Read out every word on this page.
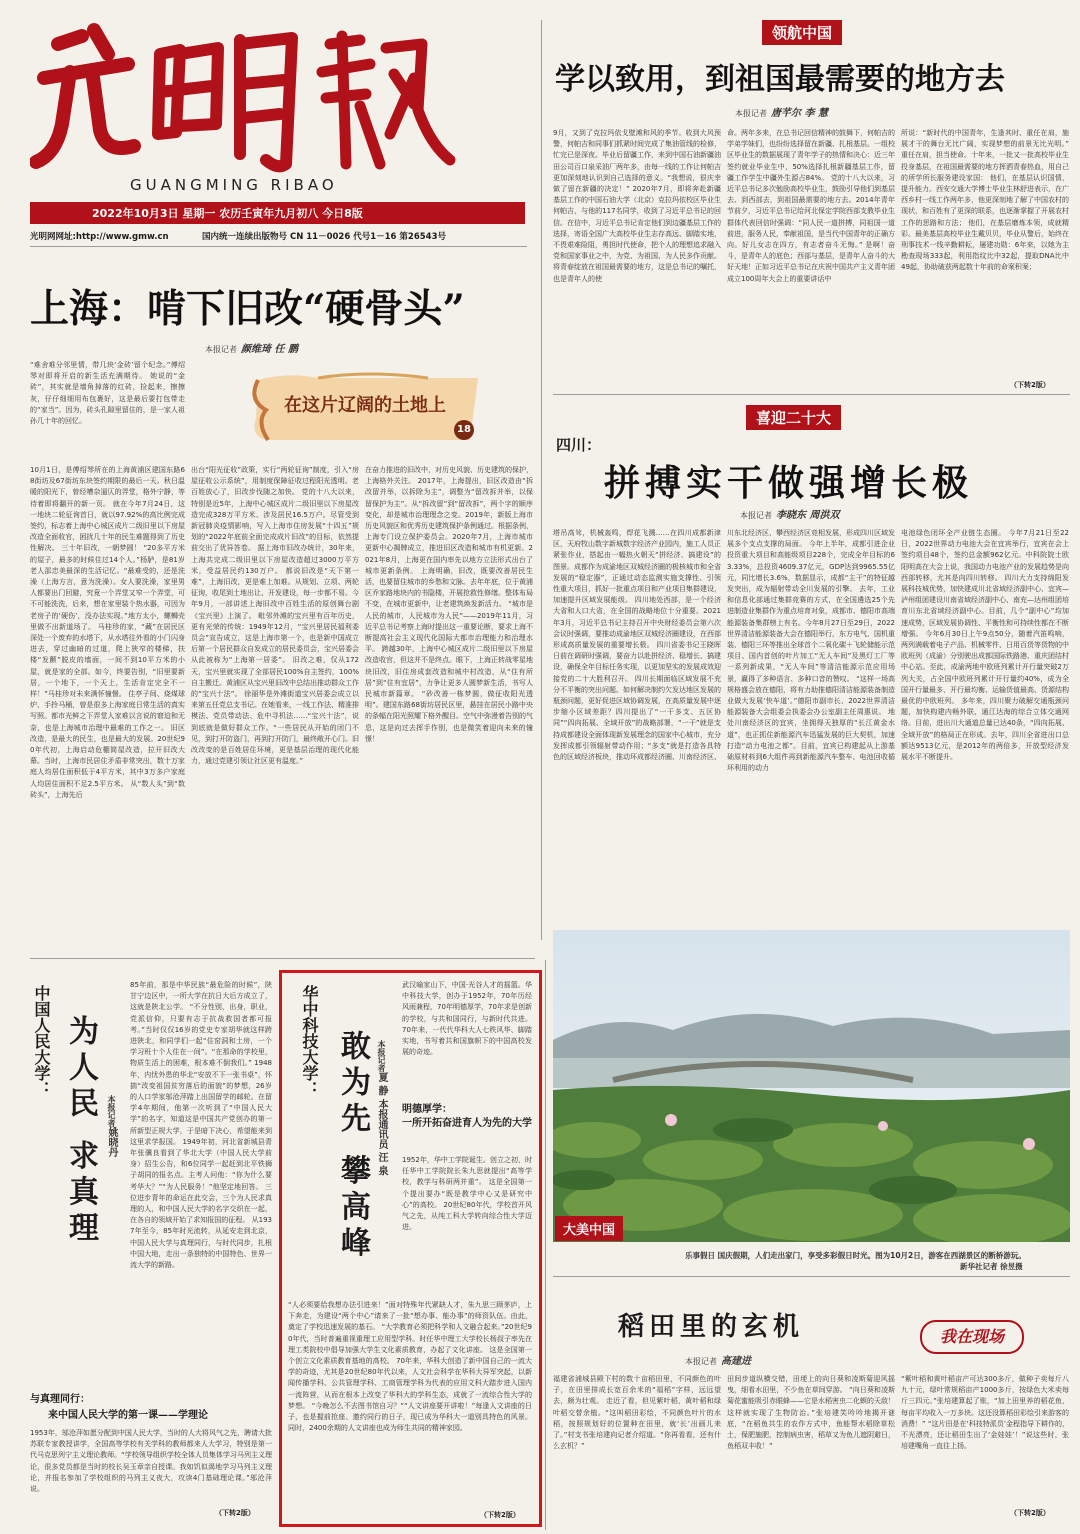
GUANGMING RIBAO
2022年10月3日 星期一 农历壬寅年九月初八 今日8版
光明网网址:http://www.gmw.cn	国内统一连续出版物号 CN 11－0026 代号1－16 第26543号
领航中国
学以致用，到祖国最需要的地方去
本报记者 唐芊尔 李 慧
9月，又到了克拉玛依戈壁滩和风的季节。收到大风预警，何帕吉和同事们抓紧时间完成了集油管线的检修，忙完已是深夜。毕业后留疆工作，来到中国石油新疆油田公司百口泉采油厂两年多，由每一线的工作让何帕吉更加深刻地认识到自己选择的意义。“我想说，很庆幸做了留在新疆的决定！” 2020年7月，即将奔赴新疆基层工作的中国石油大学（北京）克拉玛依校区毕业生何帕吉，与他的117名同学，收到了习近平总书记的回信。在信中，习近平总书记肯定他们到边疆基层工作的选择，寄语全国广大高校毕业生志存高远、脚踏实地，不畏艰难险阻，勇担时代使命，把个人的理想追求融入党和国家事业之中，为党、为祖国、为人民多作贡献。 将青春绽放在祖国最需要的地方，这是总书记的嘱托，也是青年人的使
命。两年多来，在总书记回信精神的鼓舞下，何帕吉的学弟学妹们，也纷纷选择留在新疆、扎根基层。一组校区毕业生的数据展现了青年学子的热情和决心：近三年签约就业毕业生中，50%选择扎根新疆基层工作，留疆工作学生中疆外生源占84%。 党的十八大以来，习近平总书记多次勉励高校毕业生，鼓励引导他们到基层去、到西部去，到祖国最需要的地方去。2014年青年节前夕，习近平总书记给河北保定学院西部支教毕业生群体代表回信时强调：“同人民一道拼搏，同祖国一道前进，服务人民，奉献祖国，是当代中国青年的正确方向。好儿女志在四方，有志者奋斗无悔。” 是啊！奋斗，是青年人的底色；西部与基层，是青年人奋斗的大好天地！正如习近平总书记在庆祝中国共产主义青年团成立100周年大会上的重要讲话中
所说：“新时代的中国青年，生逢其时、重任在肩，施展才干的舞台无比广阔，实现梦想的前景无比光明。” 重任在肩，担当使命。十年来，一批又一批高校毕业生投身基层，在祖国最需要的地方挥洒青春热血，用自己的所学所长服务建设家国： 他们，在基层认识国情，提升能力。西安交通大学博士毕业生林舒进表示，在广西乡村一线工作两年多，他更深刻地了解了中国农村的现状，和百姓有了更深的联系，也逐渐掌握了开展农村工作的思路和方法； 他们，在基层磨炼本领，成就精彩。最美基层高校毕业生戴贝贝，毕业从警后，始终在刑事技术一线辛勤耕耘，屡建功勋：6年来，以她为主勘查现场333起，利用指纹比中32起，提取DNA比中49起，协助破获两起数十年前的命案积案；
（下转2版）
上海：啃下旧改“硬骨头”
本报记者 颜维琦 任 鹏
在这片辽阔的土地上
18
“难舍难分邻里情，带几块‘金砖’留个纪念。”傅绍琴对即将开启的新生活充满期待。 她说的“金砖”，其实就是墙角掉落的红砖，捡起来，擦擦灰，仔仔细细用布包裹好，这是最后要打包带走的“家当”。因为，砖头孔隙里留住的，是一家人祖孙几十年的回忆。
10月1日，是傅绍琴所在的上海黄浦区建国东路68街坊及67街坊东块签约期限的最后一天。秋日温暖的阳光下，曾经嘈杂逼仄的弄堂，格外宁静，等待着即将翻开的新一页。 就在今年7月24日，这一地块二轮征询首日，就以97.92%的高比例完成签约，标志着上海中心城区成片二级旧里以下房屋改造全面收官，困扰几十年的民生难题得到了历史性解决。 三十年旧改，一朝梦圆！ “20多平方米的屋子，最多的时候住过14个人。”杨胪，是81岁老人邵忠美最深的生活记忆。“最难受的，还是洗澡（上海方言，意为洗澡）。女人要洗澡，家里男人都要出门回避，究竟一个弄堂又窄一个弄堂，可不可能洗洗，后来，想在家里装个热水器，可因为老房子的‘硬伤’，没办法实现。”地方太小，螺蛳壳里做不出新道场了。 马桂珍的家，“藏”在居民区深处一个废弃的水塔下，从水塔往外看的小门闪身进去，穿过幽暗的过道，爬上狭窄的楼梯，扶楼“发颤”脱皮的墙面，一间不到10平方米的小屋，就是家的全部。如今，终要告别，“旧里要新居，一个地下，一个天上，生活肯定完全不一样！”马桂珍对未来满怀憧憬。 住亭子间、烧煤球炉、手拎马桶，曾是很多上海家庭日常生活的真实写照。都市光鲜之下弄堂人家难以言说的窘迫和无奈，也是上海城市治理中最难的工作之一。 旧区改造，是最大的民生，也是最大的发展。20世纪90年代初，上海启动危棚简屋改造，拉开旧改大幕。当时，上海市民居住矛盾非常突出，数十万家庭人均居住面积低于4平方米，其中3万多户家庭人均居住面积不足2.5平方米。 从“数人头”到“数砖头”，上海先后
出台“阳光征收”政策，实行“两轮征询”制度，引入“房屋征收公示系统”，用制度保障征收过程阳光透明。老百姓放心了，旧改步伐随之加快。 党的十八大以来，特别是近5年，上海中心城区成片二级旧里以下房屋改造完成328万平方米、涉及居民16.5万户。尽管受到新冠肺炎疫情影响，写入上海市住房发展“十四五”规划的“2022年底前全面完成成片旧改”的目标，依然提前交出了优异答卷。 据上海市旧改办统计，30年来，上海共完成二级旧里以下房屋改造超过3000万平方米，受益居民约130万户。 都说旧改是“天下第一难”，上海旧改，更是难上加难。从规划、立项、两轮征询，收尾到土地出让、开发建设，每一步都不易。今年9月，一部讲述上海旧改中百姓生活的原创舞台剧《宝兴里》上演了。 毗邻外滩的宝兴里有百年历史，更有光荣的传统：1949年12月，“宝兴里居民福利委员会”宣告成立，这是上海市第一个，也是新中国成立后第一个居民群众自发成立的居民委员会，宝兴居委会从此被称为“上海第一居委”。 旧改之难，仅从172天，宝兴里就实现了全部居民100%自主签约，100%自主搬迁。黄浦区从宝兴里旧改中总结出推动群众工作的“宝兴十法”。 徐丽华是外滩街道宝兴居委会成立以来第五任党总支书记。在她看来，一线工作法、精准排模法、党员带动法、危中寻机法……“宝兴十法”，说到底就是做好群众工作。“一些居民从开始的闭门不见，到打开防盗门，再到打开防门，最终敞开心门。旧改改变的是百姓居住环境，更是基层治理的现代化能力，通过党建引领让社区更有温度。”
在奋力推进的旧改中，对历史风貌、历史建筑的保护，上海格外关注。 2017年，上海提出，旧区改造由“拆改留并举，以拆除为主”，调整为“留改拆并举，以保留保护为主”。从“拆改留”到“留改拆”，两个字的顺序变化，却是城市治理理念之变。2019年，新版上海市历史风貌区和优秀历史建筑保护条例通过。根据条例，上海专门设立保护委员会。2020年7月，上海市城市更新中心揭牌成立，推进旧区改造和城市有机更新。2021年8月，上海更在国内率先以地方立法形式出台了城市更新条例。 上海明确，旧改，既要改善居民生活，也要留住城市的乡愁和文脉。去年年底，位于黄浦区乔家路地块内的书隐楼，开展抢救性修缮。整体布局不变，在城市更新中，让老建筑焕发新活力。 “城市是人民的城市，人民城市为人民”——2019年11月，习近平总书记考察上海时提出这一重要论断，要求上海不断提高社会主义现代化国际大都市治理能力和治理水平。 跨越30年，上海中心城区成片二级旧里以下房屋改造收官，但这并不是终点。眼下，上海正转战零星地块旧改，旧住房成套改造和城中村改造，从“住有所居”到“住有宜居”，力争让更多人圆梦新生活，书写人民城市新篇章。 “砂改善一栋梦圆，做征收阳光透明”。建国东路68街坊居民区里，悬挂在居民小路中央的条幅在阳光照耀下格外醒目。空气中弥漫着告别的气息，这是向过去挥手作别，也是微笑着迎向未来的憧憬！
喜迎二十大
四川：
拼搏实干做强增长极
本报记者 李晓东 周洪双
塔吊高耸，机械轰鸣，焊花飞溅……在四川成都新津区，天府牧山数字新城数字经济产业园内，施工人员正紧张作业，搭起由一幅热火朝天“拼经济、搞建设”的图景。成都作为成渝地区双城经济圈的极核城市和全省发展的“稳定器”，正通过动态监测实施支撑性、引领性重大项目，抓好一批重点项目和产业项目集群建设，加速提升区域发展能级。 四川地处西部，是一个经济大省和人口大省，在全国的战略地位十分重要。2021年3月，习近平总书记主持召开中央财经委员会第六次会议时强调，要推动成渝地区双城经济圈建设，在西部形成高质量发展的重要增长极。 四川省委书记王晓晖日前在调研时强调，要奋力以赴拼经济、稳增长、搞建设，确保全年目标任务实现，以更加坚实的发展成效迎接党的二十大胜利召开。 四川长期面临区域发展不充分不平衡的突出问题。如何解决制约欠发达地区发展的瓶颈问题，更好促进区域协调发展，在高质量发展中逐步缩小区域差距？四川提出了“一干多支、五区协同”“四向拓展、全域开放”的战略部署，“一干”就是支持成都建设全面体现新发展理念的国家中心城市，充分发挥成都引领辐射带动作用；“多支”就是打造各具特色的区域经济板块，推动环成都经济圈、川南经济区、
川东北经济区、攀西经济区竞相发展，形成四川区域发展多个支点支撑的局面。 今年上半年，成都引进企业投资重大项目和高能级项目228个，完成全年目标的63.33%，总投资4609.37亿元，GDP达到9965.55亿元，同比增长3.6%，数据显示，成都“主干”的特征越发突出，成为辐射带动全川发展的引擎。 去年，工业和信息化部通过集群竞赛的方式，在全国遴选25个先进制造业集群作为重点培育对象，成都市、德阳市高端能源装备集群榜上有名。今年8月27日至29日，2022世界清洁能源装备大会在德阳举行，东方电气、国机重装、德阳三环等推出全球首个二氧化碳＋飞轮储能示范项目、国内首创的叶片加工“无人车间”及黑灯工厂等一系列新成果，“无人车间”等清洁能源示范应用场景，赢得了多种语言、多种口音的赞叹。 “这样一场高规格盛会放在德阳，将有力助推德阳清洁能源装备制造业做大发展‘快车道’。”德阳市副市长、2022世界清洁能源装备大会组委会执委会办公室副主任周惠说。 地处川南经济区的宜宾，坐拥得天独厚的“长江黄金水道”，也正抓住新能源汽车迅猛发展的巨大契机，加速打造“动力电池之都”。目前，宜宾已构建起从上游基础原材料到6大组件再到新能源汽车整车、电池回收循环利用的动力
电池绿色闭环全产业链生态圈。 今年7月21日至22日，2022世界动力电池大会在宜宾举行，宜宾在会上签约项目48个，签约总金额962亿元。中科院院士欧阳明高在大会上说，我国动力电池产业的发展趋势是向西部转移，尤其是向四川转移。 四川大力支持绵阳发展科技城优势，加快建成川北省域经济副中心、宜宾—泸州组团建设川南省域经济副中心、南充—达州组团培育川东北省域经济副中心。目前，几个“副中心”均加速成势，区域发展协调性、平衡性和可持续性都在不断增强。 今年6月30日上午9点50分，随着汽笛鸣响，两列满载着电子产品、机械零件、日用百货等货物的中欧班列（成渝）分别驶出成都国际铁路港、重庆团结村中心站。至此，成渝两地中欧班列累计开行量突破2万列大关，占全国中欧班列累计开行量约40%，成为全国开行量最多、开行最均衡、运输货值最高、货源结构最优的中欧班列。 多年来，四川聚力破解交通瓶颈问题，加快构建内畅外联、通江达海的综合立体交通网络。目前，进出川大通道总量已达40条，“四向拓展、全域开放”的格局正在形成。去年，四川全省进出口总额达9513亿元，是2012年的两倍多，开放型经济发展水平不断提升。
大美中国
乐事假日 国庆假期，人们走出家门，享受多彩假日时光。图为10月2日，游客在西湖景区的断桥游玩。
新华社记者 徐昱摄
稻田里的玄机	我在现场
本报记者 高建进
福建省浦城县殿下村的数十亩稻田里，不同颜色的叶子，在田里排成长宽百余米的“福稻”字样，远远望去，颇为壮观。 走近了看，但见紫叶稻，黄叶稻和绿叶稻交替余植。“这叫稻田彩绘，不同颜色叶片的水稻，按照规划好的位置种在田里，就‘长’出画儿来了。”村支书张培建向记者介绍道。“你再看看，还有什么玄机？”
田间步道纵横交错，田埂上的向日葵和凌斯菊迎风摇曳，细看水田里，不少鱼在草间穿游。 “向日葵和凌斯菊花蜜能吸引赤眼蜂——它是水稻害虫二化螟的天敌！这样就实现了生物防治。”张培建笑吟吟地揭开谜底，“在稻鱼共生的农作方式中，鱼能帮水稻除草松土，保肥施肥，控制病虫害，稻草又为鱼儿遮阴避日，鱼稻双丰收！”
“紫叶稻和黄叶稻亩产可达300多斤，做种子卖每斤八九十元，绿叶常规稻亩产1000多斤，按绿色大米卖每斤三四元。”张培建算起了账，“加上田里养的稻花鱼，每亩平均收入一万多块。这还没算稻田彩绘引来游客的消费！” “这片田是在‘科技特派员’金程指导下耕作的，不光漂亮，还让稻田生出了‘金娃娃’！”说这些时，张培建嘴角一直往上扬。
（下转2版）
中国人民大学： 为人民 求真理	本报记者姚晓丹
85年前，那是中华民族“最危险的时候”，陕甘宁边区中，一所大学在抗日大后方成立了，这就是陕北公学。 “不分性别，出身，职业，党派信仰，只要有志于抗战救国者都可报考。”当时仅仅16岁的党史专家胡华就这样跨进陕北，和同学们一起“住窑洞和土房，一个学习班十个人住在一间”。“在那命的学校里，物质生活上的困难，根本难不倒我们。” 1948年，内忧外患的华北“安放不下一张书桌”，怀揣“改变祖国贫穷落后的面貌”的梦想，26岁的人口学家邬沧萍踏上出国留学的邮轮。在留学4年期间，他第一次听到了“中国人民大学”的名字，知道这是中国共产党创办的第一所新型正规大学，于是暗下决心，希望能来到这里求学报国。 1949年初，河北省新城县青年张骥良看到了华北大学（中国人民大学前身）招生公告，和6位同学一起赶到北平铁狮子胡同的报名点。主考人问他：“你为什么要考华大？”“为人民服务！”他坚定地回答。 三位进步青年的命运在此交会，三个为人民求真理的人，和中国人民大学的名字交织在一起，在各自的领域开始了求知报国的征程。 从1937年至今，85年时光流转，从延安走到北京，中国人民大学与真理同行，与时代同步，扎根中国大地，走出一条独特的中国特色、世界一流大学的新路。
与真理同行：
来中国人民大学的第一课——学理论
1953年，邬沧萍如愿分配到中国人民大学，当时的人大将风气之先，聘请大批苏联专家教授讲学，全国高等学校有关学科的教师都来人大学习，特别是第一代马克思列宁主义理论教师。“学校领导组织学校全体人员集体学习马列主义理论，很多党员都是当时的校长吴玉章亲自授课。我如饥似渴地学习马列主义理论，并报名参加了学校组织的马列主义夜大，攻读4门基础理论课。”邬沧萍说。
（下转2版）
华中科技大学： 敢为先 攀高峰 本报记者夏 静 本报通讯员 汪 泉
武汉喻家山下，中国·光谷人才的摇篮。华中科技大学，创办于1952年，70年历经风雨兼程，70年明德厚学，70年求是创新的学校，与共和国同行，与新时代共进。70年来，一代代华科大人七秩风华、脚踏实地，书写着共和国旗帜下的中国高校发展的奇迹。
明德厚学：
一所开拓奋进育人为先的大学
1952年，华中工学院诞生。创立之初，时任华中工学院院长朱九思就提出“高等学校，教学与科研两并重”。 这是全国第一个提出要办“既是教学中心又是研究中心”的高校。 20世纪80年代，学校首开风气之先，从纯工科大学转向综合性大学迈进。
“人必须要给我想办法引进来！”面对特殊年代紧缺人才，朱九思三顾茅庐，上下奔走，为建设“两个中心”请来了一批“想办事、能办事”的师资队伍。由此，奠定了学校迅速发展的基石。 “大学教育必须把科学和人文融合起来。”20世纪90年代，当时普遍重视重理工应用型学科。时任华中理工大学校长杨叔子率先在理工类院校中倡导加强大学生文化素质教育，办起了文化讲座。 这是全国第一个创立文化素质教育基地的高校。 70年来，华科大创造了新中国自己的一流大学的奇迹，尤其是20世纪80年代以来，人文社会科学在华科大异军突起，以新闻传播学科、公共管理学科、工商管理学科为代表的应用文科大踏步进入国内一流阵营，从而在根本上改变了华科大的学科生态，成就了一流综合性大学的梦想。 “今晚怎么不去图书馆自习？”“人文讲座要开讲啦！”每逢人文讲座的日子，也是握前抢座、邀约同行的日子，现已成为华科大一道别具特色的风景。同时，2400余期的人文讲座也成为师生共同的精神家园。
（下转2版）
